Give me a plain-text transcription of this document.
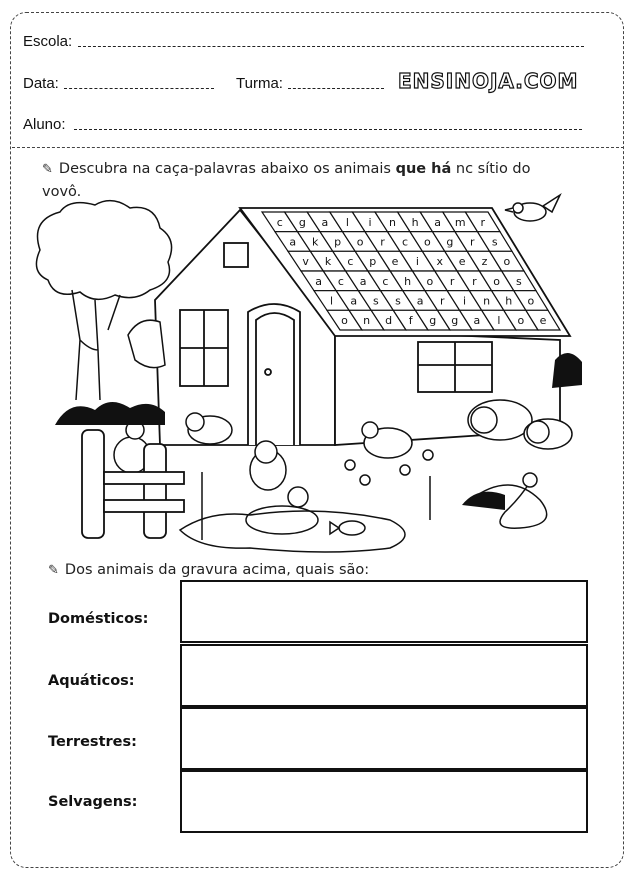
Escola:
Data:	Turma:	ENSINOJA.COM
Aluno:
✎ Descubra na caça-palavras abaixo os animais que há nc sítio do
vovô.
c g a l i n h a m r
a k p o r c o g r s
v k c p e i x e z o
a c a c h o r r o s
l a s s a r i n h o
o n d f g g a l o e
✎ Dos animais da gravura acima, quais são:
Domésticos:
Aquáticos:
Terrestres:
Selvagens:
